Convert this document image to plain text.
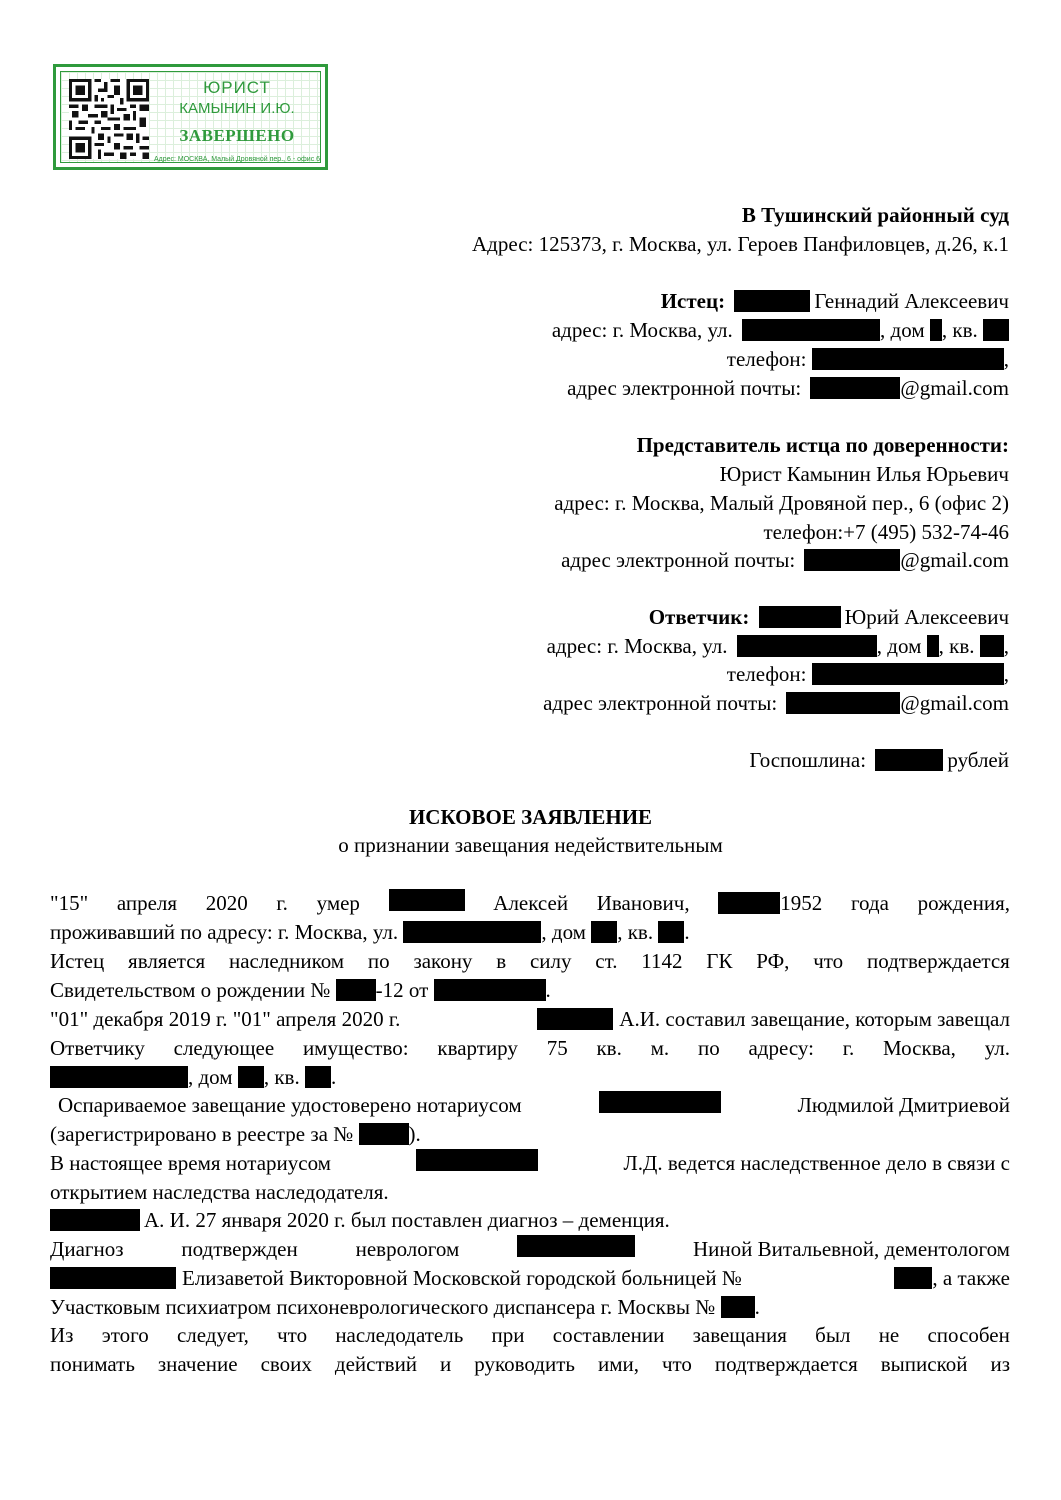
ЮРИСТ
КАМЫНИН И.Ю.
ЗАВЕРШЕНО
Адрес: МОСКВА, Малый Дровяной пер., 6 - офис 6
В Тушинский районный суд
Адрес: 125373, г. Москва, ул. Героев Панфиловцев, д.26, к.1
Истец:	Геннадий Алексеевич
адрес: г. Москва, ул.	, дом , кв.
телефон:	,
адрес электронной почты:	@gmail.com
Представитель истца по доверенности:
Юрист Камынин Илья Юрьевич
адрес: г. Москва, Малый Дровяной пер., 6 (офис 2)
телефон:+7 (495) 532-74-46
адрес электронной почты:	@gmail.com
Ответчик:	Юрий Алексеевич
адрес: г. Москва, ул.	, дом , кв. ,
телефон:	,
адрес электронной почты:	@gmail.com
Госпошлина:	рублей
ИСКОВОЕ ЗАЯВЛЕНИЕ
о признании завещания недействительным
"15" апреля 2020 г. умер	Алексей Иванович,	1952 года рождения,
проживавший по адресу: г. Москва, ул.	, дом , кв. .
Истец является наследником по закону в силу ст. 1142 ГК РФ, что подтверждается
Свидетельством о рождении № -12 от	.
"01" декабря 2019 г. "01" апреля 2020 г.	А.И. составил завещание, которым завещал
Ответчику следующее имущество: квартиру 75 кв. м. по адресу: г. Москва, ул.
, дом , кв. .
Оспариваемое завещание удостоверено нотариусом	Людмилой Дмитриевой
(зарегистрировано в реестре за №	).
В настоящее время нотариусом	Л.Д. ведется наследственное дело в связи с
открытием наследства наследодателя.
А. И. 27 января 2020 г. был поставлен диагноз – деменция.
Диагноз	подтвержден	неврологом	Ниной Витальевной, дементологом
Елизаветой Викторовной Московской городской больницей №	, а также
Участковым психиатром психоневрологического диспансера г. Москвы № .
Из этого следует, что наследодатель при составлении завещания был не способен
понимать значение своих действий и руководить ими, что подтверждается выпиской из
